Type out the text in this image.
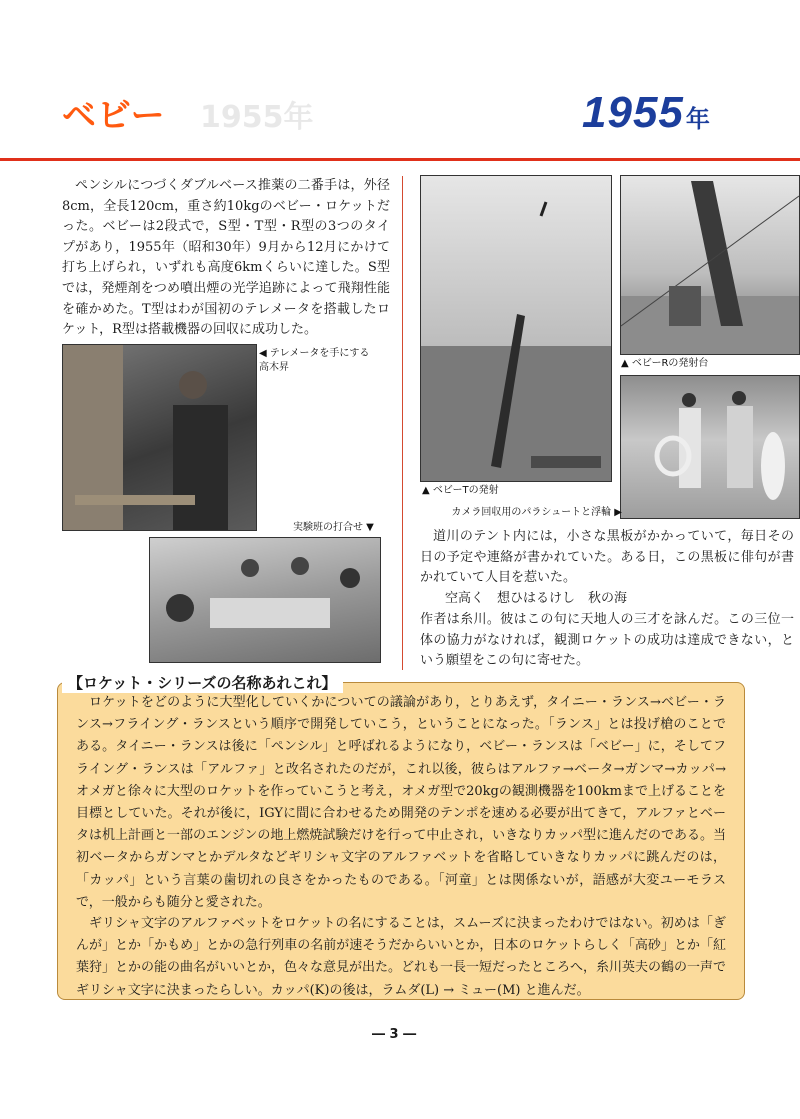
ベビー 1955年	1955年

ペンシルにつづくダブルベース推薬の二番手は，外径8cm，全長120cm，重さ約10kgのベビー・ロケットだった。ベビーは2段式で，S型・T型・R型の3つのタイプがあり，1955年（昭和30年）9月から12月にかけて打ち上げられ，いずれも高度6kmくらいに達した。S型では，発煙剤をつめ噴出煙の光学追跡によって飛翔性能を確かめた。T型はわが国初のテレメータを搭載したロケット，R型は搭載機器の回収に成功した。

◀ テレメータを手にする
高木昇
実験班の打合せ ▼
▲ ベビーTの発射
▲ ベビーRの発射台
カメラ回収用のパラシュートと浮輪 ▶

道川のテント内には，小さな黒板がかかっていて，毎日その日の予定や連絡が書かれていた。ある日，この黒板に俳句が書かれていて人目を惹いた。

空高く　想ひはるけし　秋の海

作者は糸川。彼はこの句に天地人の三才を詠んだ。この三位一体の協力がなければ，観測ロケットの成功は達成できない，という願望をこの句に寄せた。

【ロケット・シリーズの名称あれこれ】

ロケットをどのように大型化していくかについての議論があり，とりあえず，タイニー・ランス→ベビー・ランス→フライング・ランスという順序で開発していこう，ということになった。「ランス」とは投げ槍のことである。タイニー・ランスは後に「ペンシル」と呼ばれるようになり，ベビー・ランスは「ベビー」に，そしてフライング・ランスは「アルファ」と改名されたのだが，これ以後，彼らはアルファ→ベータ→ガンマ→カッパ→オメガと徐々に大型のロケットを作っていこうと考え，オメガ型で20kgの観測機器を100kmまで上げることを目標としていた。それが後に，IGYに間に合わせるため開発のテンポを速める必要が出てきて，アルファとベータは机上計画と一部のエンジンの地上燃焼試験だけを行って中止され，いきなりカッパ型に進んだのである。当初ベータからガンマとかデルタなどギリシャ文字のアルファベットを省略していきなりカッパに跳んだのは，「カッパ」という言葉の歯切れの良さをかったものである。「河童」とは関係ないが，語感が大変ユーモラスで，一般からも随分と愛された。

ギリシャ文字のアルファベットをロケットの名にすることは，スムーズに決まったわけではない。初めは「ぎんが」とか「かもめ」とかの急行列車の名前が速そうだからいいとか，日本のロケットらしく「高砂」とか「紅葉狩」とかの能の曲名がいいとか，色々な意見が出た。どれも一長一短だったところへ，糸川英夫の鶴の一声でギリシャ文字に決まったらしい。カッパ(K)の後は，ラムダ(L) → ミュー(M) と進んだ。

― 3 ―
